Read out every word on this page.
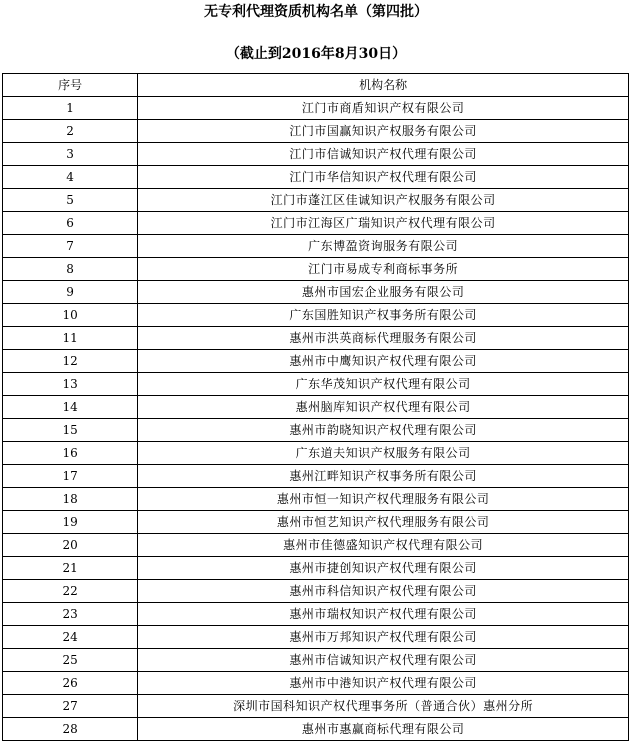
无专利代理资质机构名单（第四批）
（截止到2016年8月30日）
序号	机构名称
1	江门市商盾知识产权有限公司
2	江门市国赢知识产权服务有限公司
3	江门市信诚知识产权代理有限公司
4	江门市华信知识产权代理有限公司
5	江门市蓬江区佳诚知识产权服务有限公司
6	江门市江海区广瑞知识产权代理有限公司
7	广东博盈资询服务有限公司
8	江门市易成专利商标事务所
9	惠州市国宏企业服务有限公司
10	广东国胜知识产权事务所有限公司
11	惠州市洪英商标代理服务有限公司
12	惠州市中鹰知识产权代理有限公司
13	广东华茂知识产权代理有限公司
14	惠州脑库知识产权代理有限公司
15	惠州市韵晓知识产权代理有限公司
16	广东道夫知识产权服务有限公司
17	惠州江畔知识产权事务所有限公司
18	惠州市恒一知识产权代理服务有限公司
19	惠州市恒艺知识产权代理服务有限公司
20	惠州市佳德盛知识产权代理有限公司
21	惠州市捷创知识产权代理有限公司
22	惠州市科信知识产权代理有限公司
23	惠州市瑞权知识产权代理有限公司
24	惠州市万邦知识产权代理有限公司
25	惠州市信诚知识产权代理有限公司
26	惠州市中港知识产权代理有限公司
27	深圳市国科知识产权代理事务所（普通合伙）惠州分所
28	惠州市惠赢商标代理有限公司
